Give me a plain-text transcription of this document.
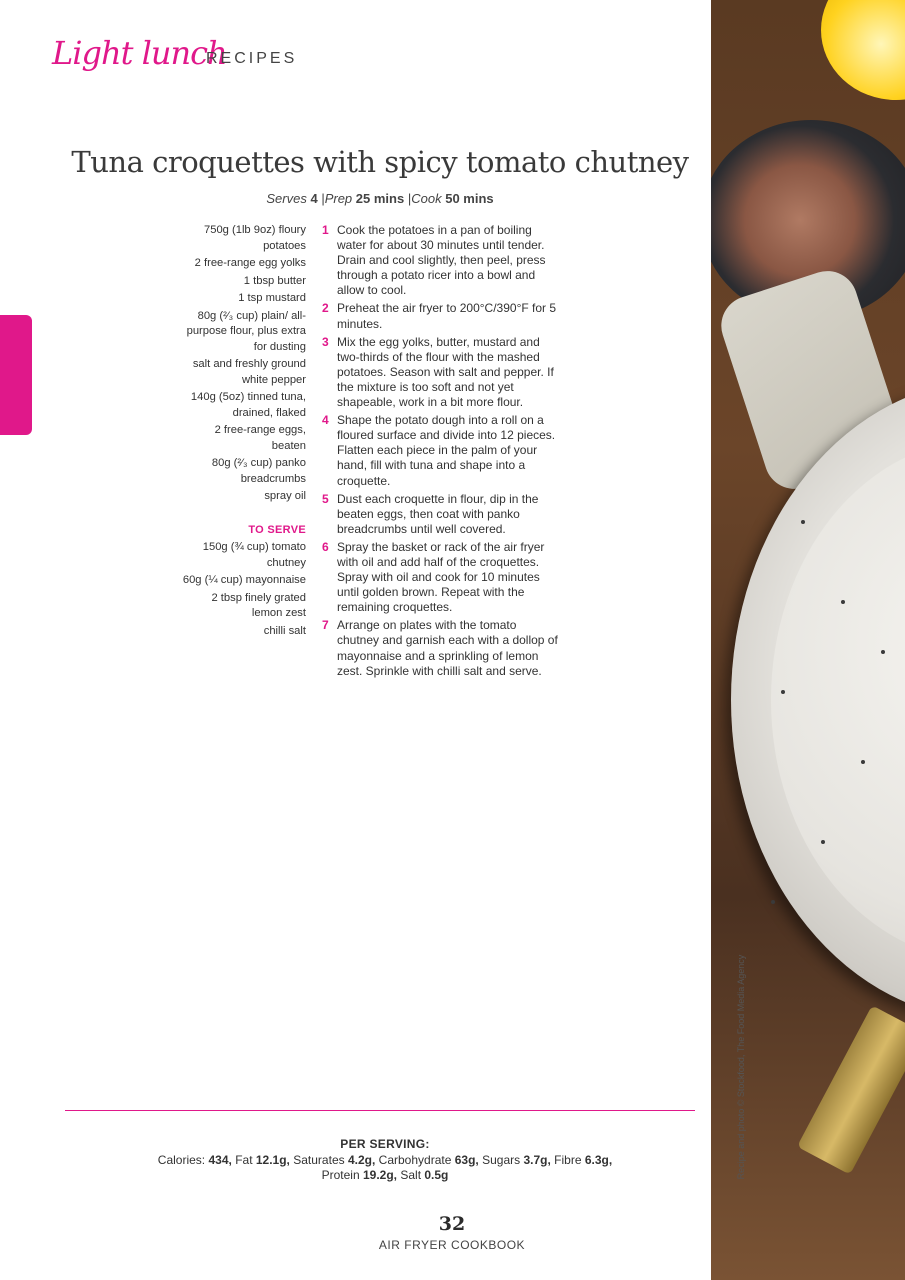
Light lunch
RECIPES
Tuna croquettes with spicy tomato chutney
Serves 4 |Prep 25 mins |Cook 50 mins
750g (1lb 9oz) floury potatoes
2 free-range egg yolks
1 tbsp butter
1 tsp mustard
80g (²⁄₃ cup) plain/ all-purpose flour, plus extra for dusting
salt and freshly ground white pepper
140g (5oz) tinned tuna, drained, flaked
2 free-range eggs, beaten
80g (²⁄₃ cup) panko breadcrumbs
spray oil
TO SERVE
150g (¾ cup) tomato chutney
60g (¼ cup) mayonnaise
2 tbsp finely grated lemon zest
chilli salt
1 Cook the potatoes in a pan of boiling water for about 30 minutes until tender. Drain and cool slightly, then peel, press through a potato ricer into a bowl and allow to cool.
2 Preheat the air fryer to 200°C/390°F for 5 minutes.
3 Mix the egg yolks, butter, mustard and two-thirds of the flour with the mashed potatoes. Season with salt and pepper. If the mixture is too soft and not yet shapeable, work in a bit more flour.
4 Shape the potato dough into a roll on a floured surface and divide into 12 pieces. Flatten each piece in the palm of your hand, fill with tuna and shape into a croquette.
5 Dust each croquette in flour, dip in the beaten eggs, then coat with panko breadcrumbs until well covered.
6 Spray the basket or rack of the air fryer with oil and add half of the croquettes. Spray with oil and cook for 10 minutes until golden brown. Repeat with the remaining croquettes.
7 Arrange on plates with the tomato chutney and garnish each with a dollop of mayonnaise and a sprinkling of lemon zest. Sprinkle with chilli salt and serve.
Recipe and photo © Stockfood, The Food Media Agency
PER SERVING:
Calories: 434, Fat 12.1g, Saturates 4.2g, Carbohydrate 63g, Sugars 3.7g, Fibre 6.3g,
Protein 19.2g, Salt 0.5g
32
AIR FRYER COOKBOOK
